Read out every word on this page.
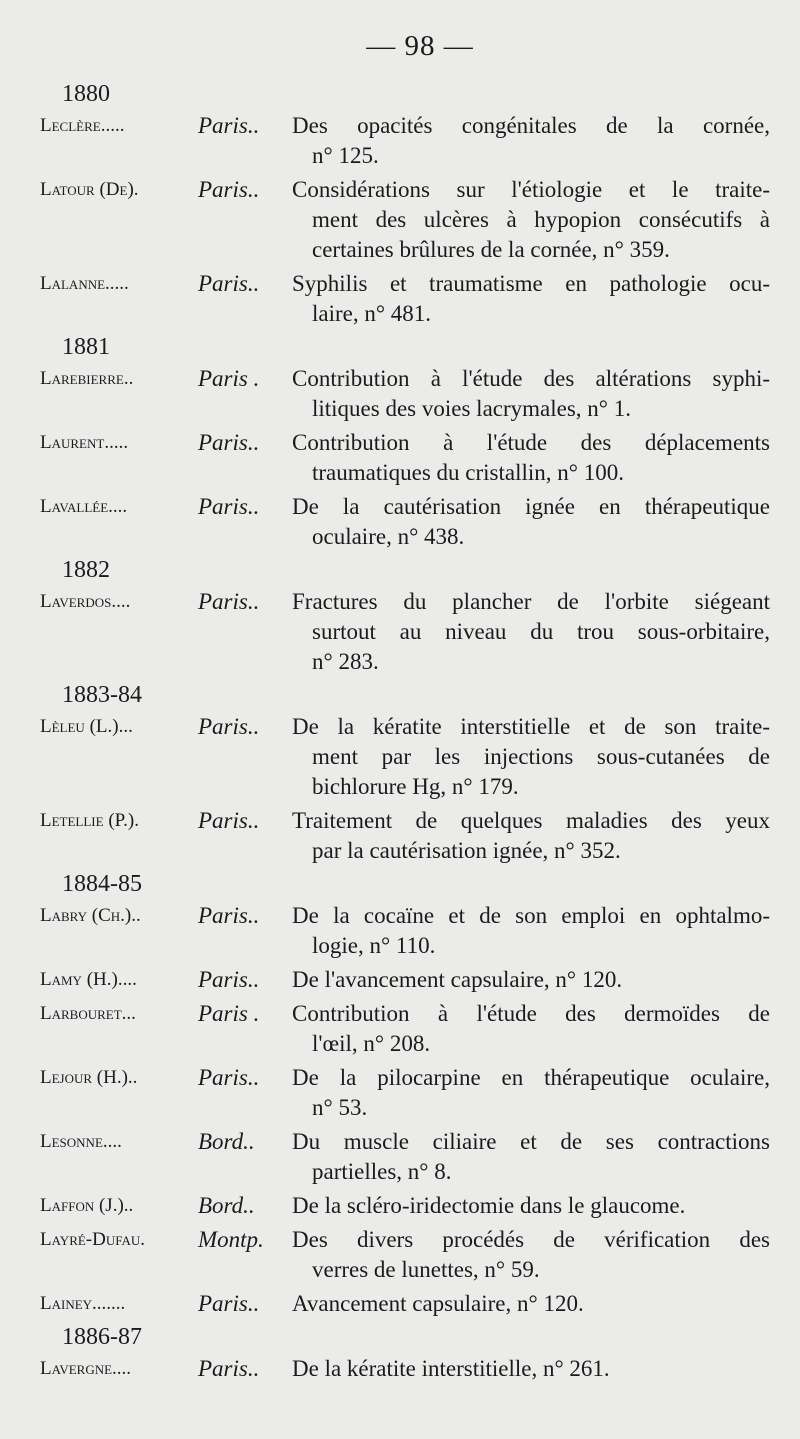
— 98 —
1880
Leclère.....	Paris..	Des opacités congénitales de la cornée,
n° 125.
Latour (De).	Paris..	Considérations sur l'étiologie et le traite-
ment des ulcères à hypopion consécutifs à
certaines brûlures de la cornée, n° 359.
Lalanne.....	Paris..	Syphilis et traumatisme en pathologie ocu-
laire, n° 481.
1881
Larebierre..	Paris .	Contribution à l'étude des altérations syphi-
litiques des voies lacrymales, n° 1.
Laurent.....	Paris..	Contribution à l'étude des déplacements
traumatiques du cristallin, n° 100.
Lavallée....	Paris..	De la cautérisation ignée en thérapeutique
oculaire, n° 438.
1882
Laverdos....	Paris..	Fractures du plancher de l'orbite siégeant
surtout au niveau du trou sous-orbitaire,
n° 283.
1883-84
Lèleu (L.)...	Paris..	De la kératite interstitielle et de son traite-
ment par les injections sous-cutanées de
bichlorure Hg, n° 179.
Letellie (P.).	Paris..	Traitement de quelques maladies des yeux
par la cautérisation ignée, n° 352.
1884-85
Labry (Ch.)..	Paris..	De la cocaïne et de son emploi en ophtalmo-
logie, n° 110.
Lamy (H.)....	Paris..	De l'avancement capsulaire, n° 120.
Larbouret...	Paris .	Contribution à l'étude des dermoïdes de
l'œil, n° 208.
Lejour (H.)..	Paris..	De la pilocarpine en thérapeutique oculaire,
n° 53.
Lesonne....	Bord..	Du muscle ciliaire et de ses contractions
partielles, n° 8.
Laffon (J.)..	Bord..	De la scléro-iridectomie dans le glaucome.
Layré-Dufau.	Montp.	Des divers procédés de vérification des
verres de lunettes, n° 59.
Lainey.......	Paris..	Avancement capsulaire, n° 120.
1886-87
Lavergne....	Paris..	De la kératite interstitielle, n° 261.
